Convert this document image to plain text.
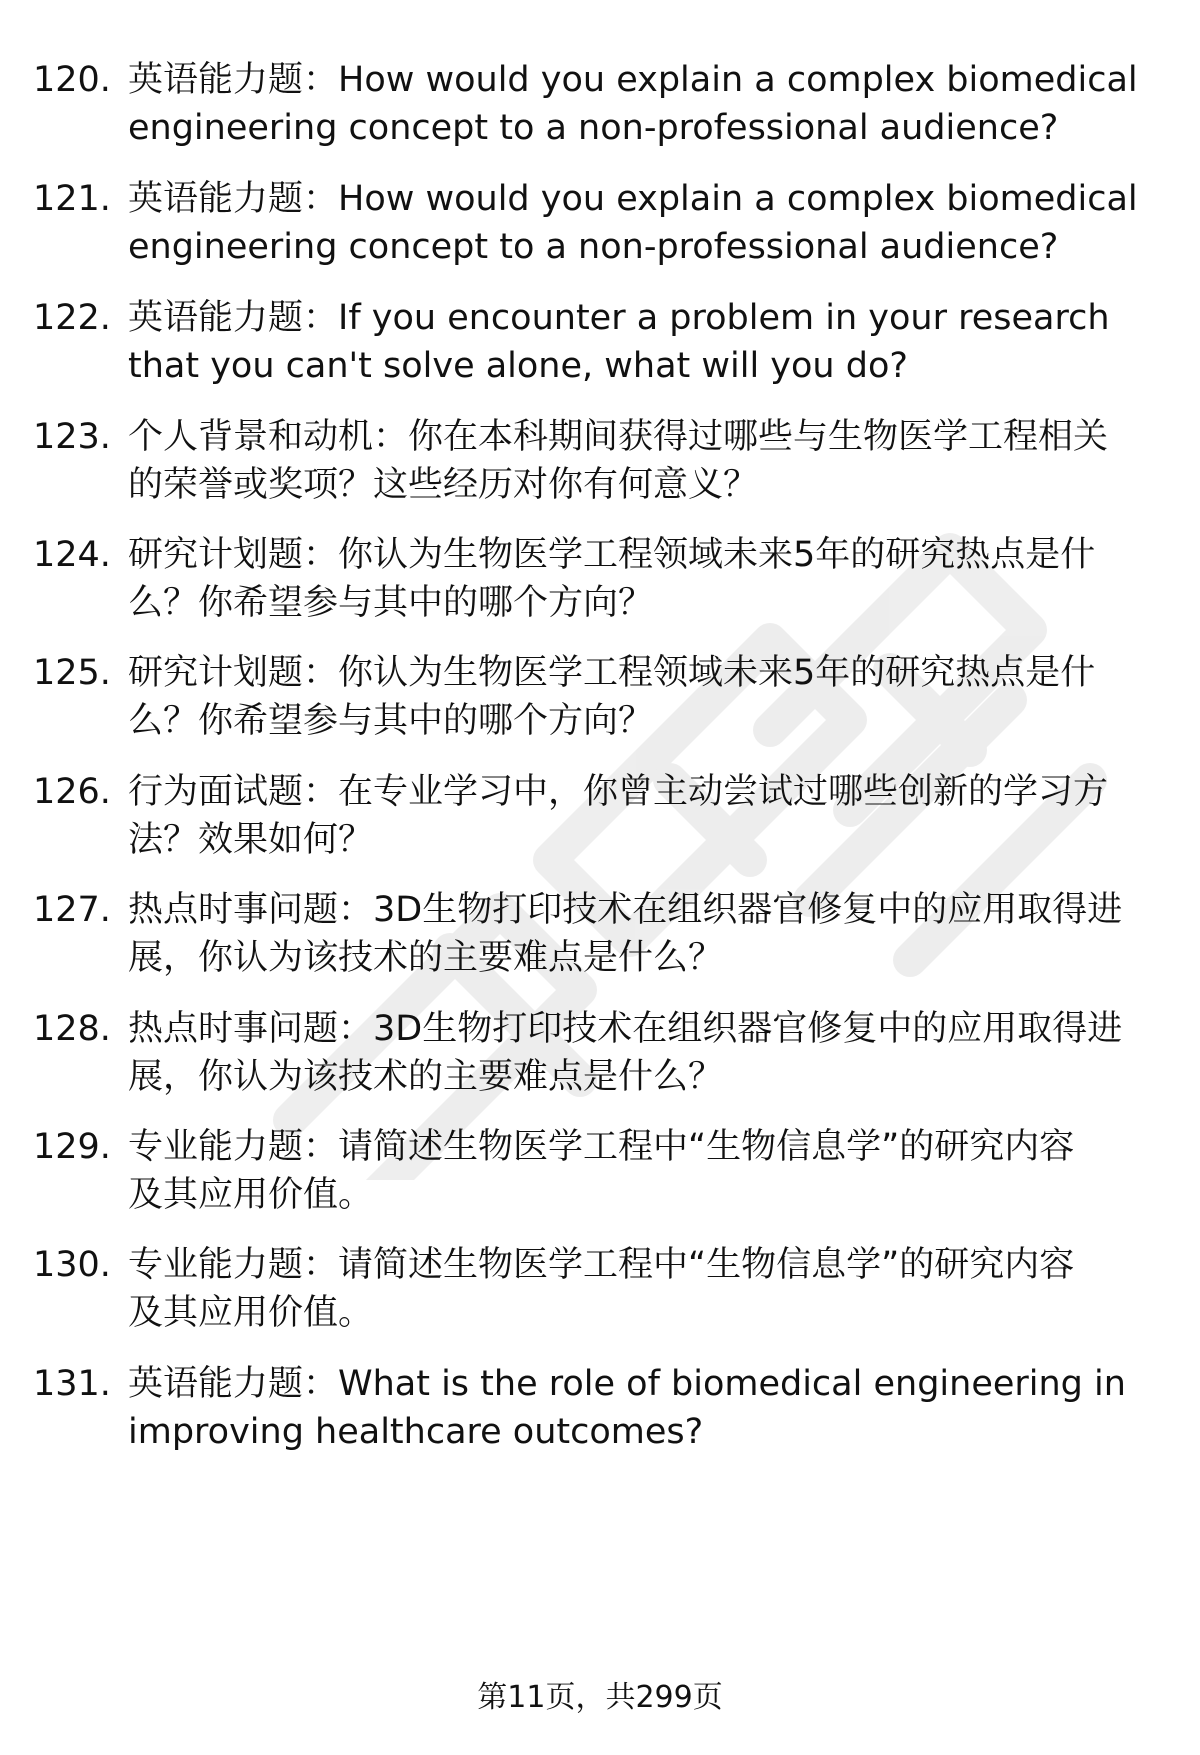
120. 英语能力题：How would you explain a complex biomedical
engineering concept to a non-professional audience?

121. 英语能力题：How would you explain a complex biomedical
engineering concept to a non-professional audience?

122. 英语能力题：If you encounter a problem in your research
that you can't solve alone, what will you do?

123. 个人背景和动机：你在本科期间获得过哪些与生物医学工程相关
的荣誉或奖项？这些经历对你有何意义？

124. 研究计划题：你认为生物医学工程领域未来5年的研究热点是什
么？你希望参与其中的哪个方向？

125. 研究计划题：你认为生物医学工程领域未来5年的研究热点是什
么？你希望参与其中的哪个方向？

126. 行为面试题：在专业学习中，你曾主动尝试过哪些创新的学习方
法？效果如何？

127. 热点时事问题：3D生物打印技术在组织器官修复中的应用取得进
展，你认为该技术的主要难点是什么？

128. 热点时事问题：3D生物打印技术在组织器官修复中的应用取得进
展，你认为该技术的主要难点是什么？

129. 专业能力题：请简述生物医学工程中“生物信息学”的研究内容
及其应用价值。

130. 专业能力题：请简述生物医学工程中“生物信息学”的研究内容
及其应用价值。

131. 英语能力题：What is the role of biomedical engineering in
improving healthcare outcomes?

第11页，共299页
